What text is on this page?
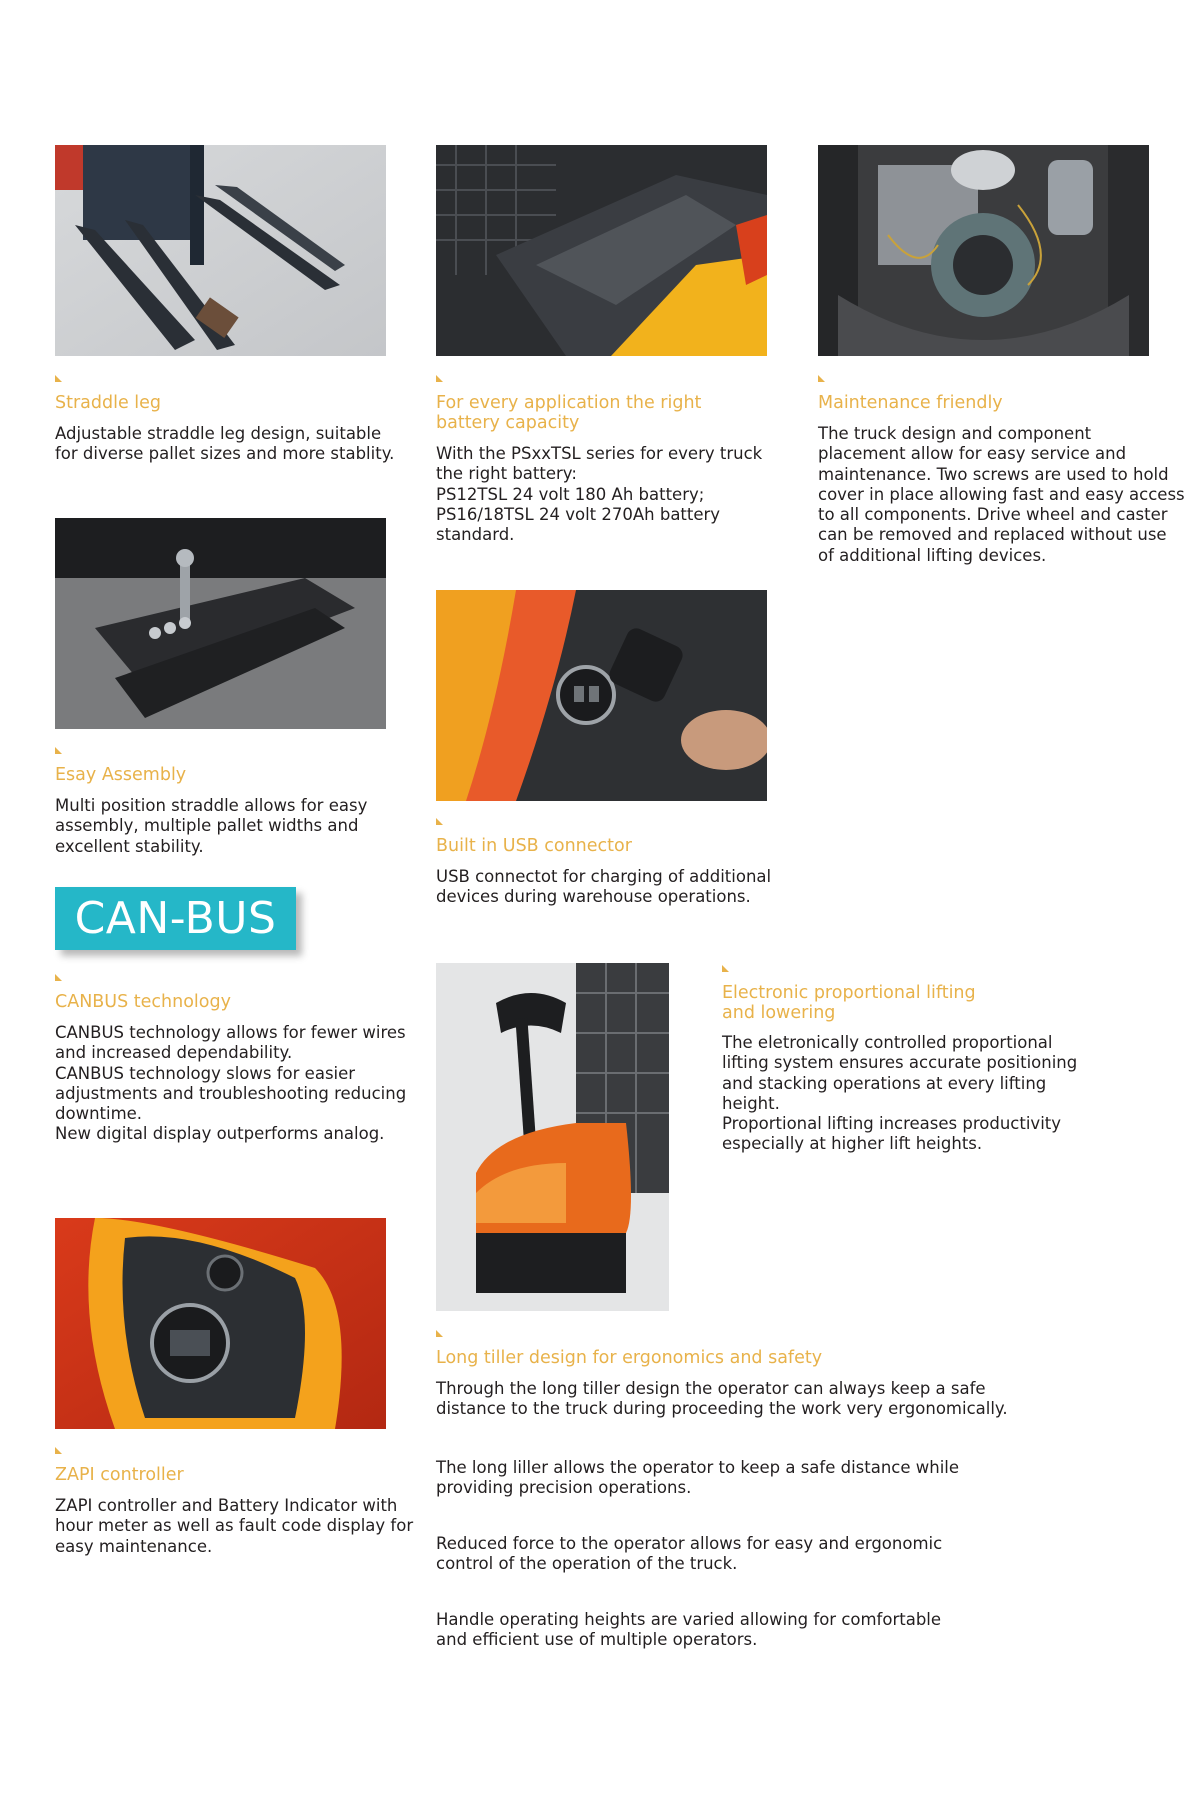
Straddle leg

Adjustable straddle leg design, suitable
for diverse pallet sizes and more stablity.

For every application the right
battery capacity

With the PSxxTSL series for every truck
the right battery:
PS12TSL 24 volt 180 Ah battery;
PS16/18TSL 24 volt 270Ah battery
standard.

Maintenance friendly

The truck design and component
placement allow for easy service and
maintenance. Two screws are used to hold
cover in place allowing fast and easy access
to all components. Drive wheel and caster
can be removed and replaced without use
of additional lifting devices.

Esay Assembly

Multi position straddle allows for easy
assembly, multiple pallet widths and
excellent stability.	Built in USB connector

USB connectot for charging of additional
devices during warehouse operations.

CAN-BUS
CANBUS technology

CANBUS technology allows for fewer wires
and increased dependability.
CANBUS technology slows for easier
adjustments and troubleshooting reducing
downtime.
New digital display outperforms analog.

Electronic proportional lifting
and lowering

The eletronically controlled proportional
lifting system ensures accurate positioning
and stacking operations at every lifting
height.
Proportional lifting increases productivity
especially at higher lift heights.

ZAPI controller

ZAPI controller and Battery Indicator with
hour meter as well as fault code display for
easy maintenance.

Long tiller design for ergonomics and safety

Through the long tiller design the operator can always keep a safe
distance to the truck during proceeding the work very ergonomically.

The long liller allows the operator to keep a safe distance while
providing precision operations.

Reduced force to the operator allows for easy and ergonomic
control of the operation of the truck.

Handle operating heights are varied allowing for comfortable
and efficient use of multiple operators.
